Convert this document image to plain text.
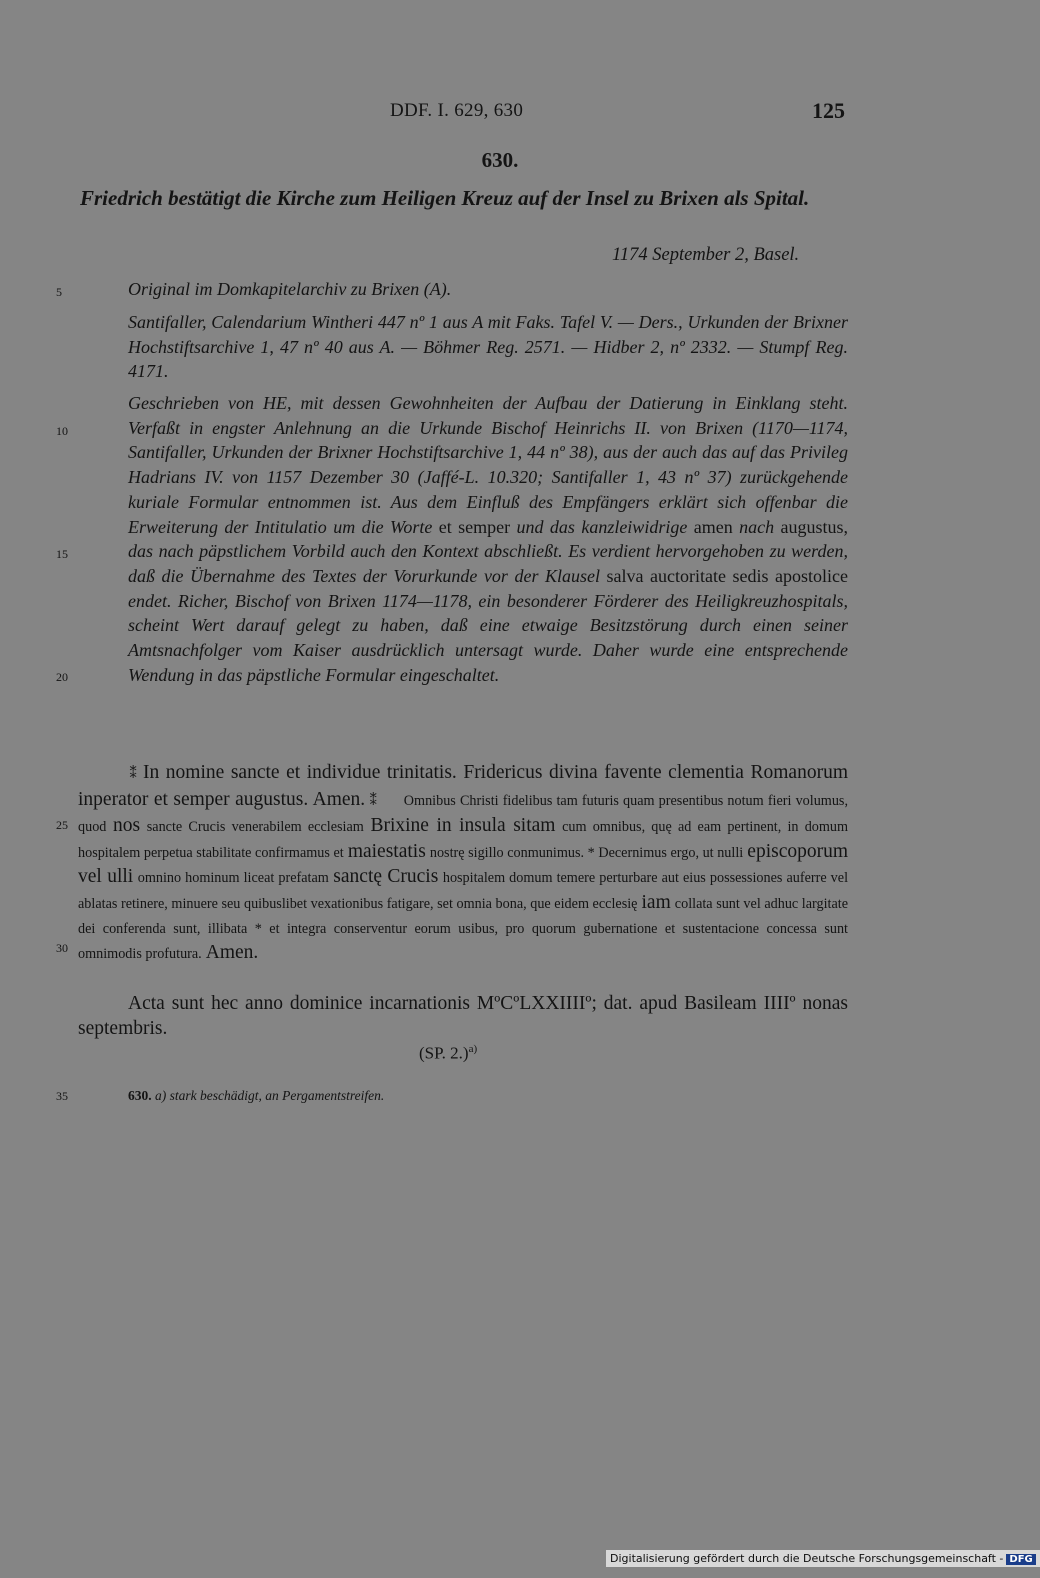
DDF. I. 629, 630	125
630.
Friedrich bestätigt die Kirche zum Heiligen Kreuz auf der Insel zu Brixen als Spital.
1174 September 2, Basel.
5
10
15
20
25
30
35
Original im Domkapitelarchiv zu Brixen (A).
Santifaller, Calendarium Wintheri 447 nº 1 aus A mit Faks. Tafel V. — Ders., Urkunden der Brixner Hochstiftsarchive 1, 47 nº 40 aus A. — Böhmer Reg. 2571. — Hidber 2, nº 2332. — Stumpf Reg. 4171.
Geschrieben von HE, mit dessen Gewohnheiten der Aufbau der Datierung in Einklang steht. Verfaßt in engster Anlehnung an die Urkunde Bischof Heinrichs II. von Brixen (1170—1174, Santifaller, Urkunden der Brixner Hochstiftsarchive 1, 44 nº 38), aus der auch das auf das Privileg Hadrians IV. von 1157 Dezember 30 (Jaffé-L. 10.320; Santifaller 1, 43 nº 37) zurückgehende kuriale Formular entnommen ist. Aus dem Einfluß des Empfängers erklärt sich offenbar die Erweiterung der Intitulatio um die Worte et semper und das kanzleiwidrige amen nach augustus, das nach päpstlichem Vorbild auch den Kontext abschließt. Es verdient hervorgehoben zu werden, daß die Übernahme des Textes der Vorurkunde vor der Klausel salva auctoritate sedis apostolice endet. Richer, Bischof von Brixen 1174—1178, ein besonderer Förderer des Heiligkreuzhospitals, scheint Wert darauf gelegt zu haben, daß eine etwaige Besitzstörung durch einen seiner Amtsnachfolger vom Kaiser ausdrücklich untersagt wurde. Daher wurde eine entsprechende Wendung in das päpstliche Formular eingeschaltet.
⁑ In nomine sancte et individue trinitatis. Fridericus divina favente clementia Romanorum inperator et semper augustus. Amen. ⁑ Omnibus Christi fidelibus tam futuris quam presentibus notum fieri volumus, quod nos sancte Crucis venerabilem ecclesiam Brixine in insula sitam cum omnibus, quę ad eam pertinent, in domum hospitalem perpetua stabilitate confirmamus et maiestatis nostrę sigillo conmunimus. * Decernimus ergo, ut nulli episcoporum vel ulli omnino hominum liceat prefatam sanctę Crucis hospitalem domum temere perturbare aut eius possessiones auferre vel ablatas retinere, minuere seu quibuslibet vexationibus fatigare, set omnia bona, que eidem ecclesię iam collata sunt vel adhuc largitate dei conferenda sunt, illibata * et integra conserventur eorum usibus, pro quorum gubernatione et sustentacione concessa sunt omnimodis profutura. Amen.
Acta sunt hec anno dominice incarnationis MºCºLXXIIIIº; dat. apud Basileam IIIIº nonas septembris.
(SP. 2.)$^{a)}$
630. a) stark beschädigt, an Pergamentstreifen.
Digitalisierung gefördert durch die Deutsche Forschungsgemeinschaft - DFG
